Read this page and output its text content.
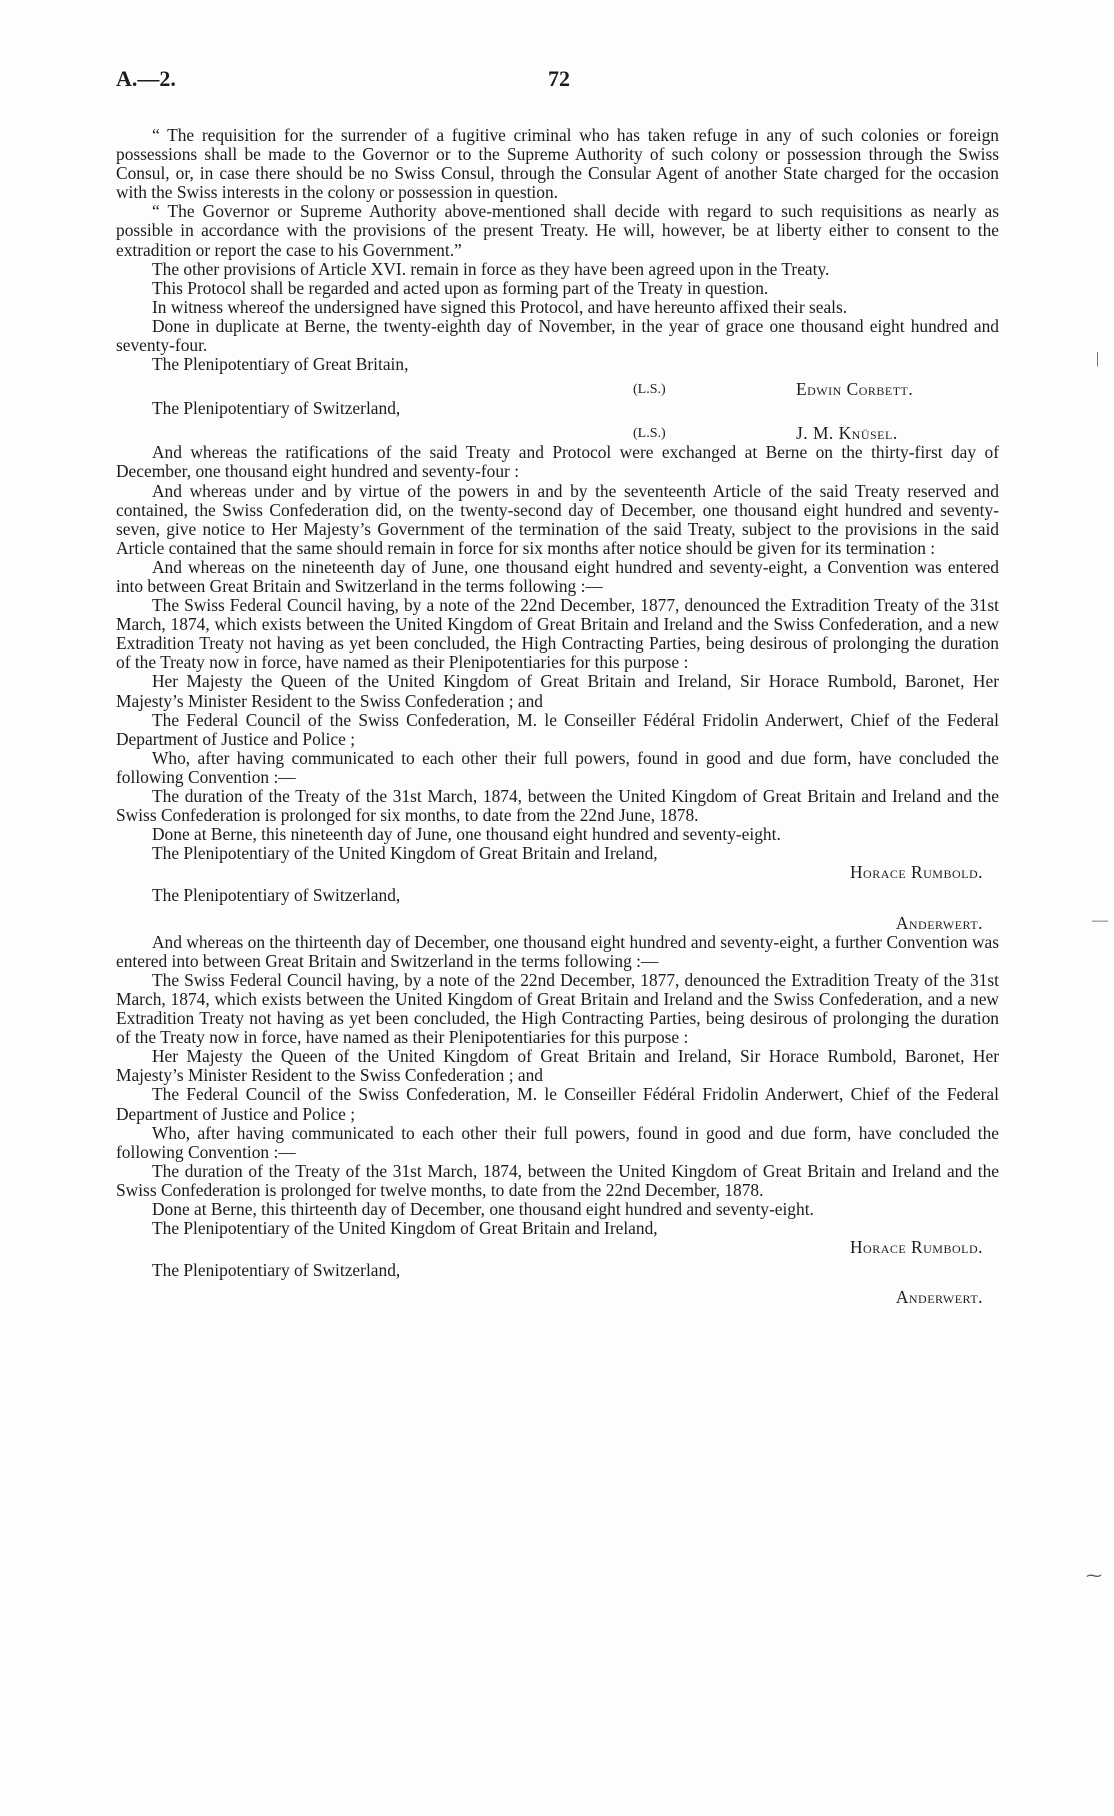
A.—2.	72

“ The requisition for the surrender of a fugitive criminal who has taken refuge in any of such colonies or foreign possessions shall be made to the Governor or to the Supreme Authority of such colony or possession through the Swiss Consul, or, in case there should be no Swiss Consul, through the Consular Agent of another State charged for the occasion with the Swiss interests in the colony or possession in question.

“ The Governor or Supreme Authority above-mentioned shall decide with regard to such requisitions as nearly as possible in accordance with the provisions of the present Treaty. He will, however, be at liberty either to consent to the extradition or report the case to his Government.”

The other provisions of Article XVI. remain in force as they have been agreed upon in the Treaty.

This Protocol shall be regarded and acted upon as forming part of the Treaty in question.

In witness whereof the undersigned have signed this Protocol, and have hereunto affixed their seals.

Done in duplicate at Berne, the twenty-eighth day of November, in the year of grace one thousand eight hundred and seventy-four.

The Plenipotentiary of Great Britain,

(L.S.)	Edwin Corbett.

The Plenipotentiary of Switzerland,

(L.S.)	J. M. Knüsel.

And whereas the ratifications of the said Treaty and Protocol were exchanged at Berne on the thirty-first day of December, one thousand eight hundred and seventy-four :

And whereas under and by virtue of the powers in and by the seventeenth Article of the said Treaty reserved and contained, the Swiss Confederation did, on the twenty-second day of December, one thousand eight hundred and seventy-seven, give notice to Her Majesty’s Government of the termination of the said Treaty, subject to the provisions in the said Article contained that the same should remain in force for six months after notice should be given for its termination :

And whereas on the nineteenth day of June, one thousand eight hundred and seventy-eight, a Convention was entered into between Great Britain and Switzerland in the terms following :—

The Swiss Federal Council having, by a note of the 22nd December, 1877, denounced the Extradition Treaty of the 31st March, 1874, which exists between the United Kingdom of Great Britain and Ireland and the Swiss Confederation, and a new Extradition Treaty not having as yet been concluded, the High Contracting Parties, being desirous of prolonging the duration of the Treaty now in force, have named as their Plenipotentiaries for this purpose :

Her Majesty the Queen of the United Kingdom of Great Britain and Ireland, Sir Horace Rumbold, Baronet, Her Majesty’s Minister Resident to the Swiss Confederation ; and

The Federal Council of the Swiss Confederation, M. le Conseiller Fédéral Fridolin Anderwert, Chief of the Federal Department of Justice and Police ;

Who, after having communicated to each other their full powers, found in good and due form, have concluded the following Convention :—

The duration of the Treaty of the 31st March, 1874, between the United Kingdom of Great Britain and Ireland and the Swiss Confederation is prolonged for six months, to date from the 22nd June, 1878.

Done at Berne, this nineteenth day of June, one thousand eight hundred and seventy-eight.

The Plenipotentiary of the United Kingdom of Great Britain and Ireland,

Horace Rumbold.

The Plenipotentiary of Switzerland,

Anderwert.

And whereas on the thirteenth day of December, one thousand eight hundred and seventy-eight, a further Convention was entered into between Great Britain and Switzerland in the terms following :—

The Swiss Federal Council having, by a note of the 22nd December, 1877, denounced the Extradition Treaty of the 31st March, 1874, which exists between the United Kingdom of Great Britain and Ireland and the Swiss Confederation, and a new Extradition Treaty not having as yet been concluded, the High Contracting Parties, being desirous of prolonging the duration of the Treaty now in force, have named as their Plenipotentiaries for this purpose :

Her Majesty the Queen of the United Kingdom of Great Britain and Ireland, Sir Horace Rumbold, Baronet, Her Majesty’s Minister Resident to the Swiss Confederation ; and

The Federal Council of the Swiss Confederation, M. le Conseiller Fédéral Fridolin Anderwert, Chief of the Federal Department of Justice and Police ;

Who, after having communicated to each other their full powers, found in good and due form, have concluded the following Convention :—

The duration of the Treaty of the 31st March, 1874, between the United Kingdom of Great Britain and Ireland and the Swiss Confederation is prolonged for twelve months, to date from the 22nd December, 1878.

Done at Berne, this thirteenth day of December, one thousand eight hundred and seventy-eight.

The Plenipotentiary of the United Kingdom of Great Britain and Ireland,

Horace Rumbold.

The Plenipotentiary of Switzerland,

Anderwert.
|
—
⁓
